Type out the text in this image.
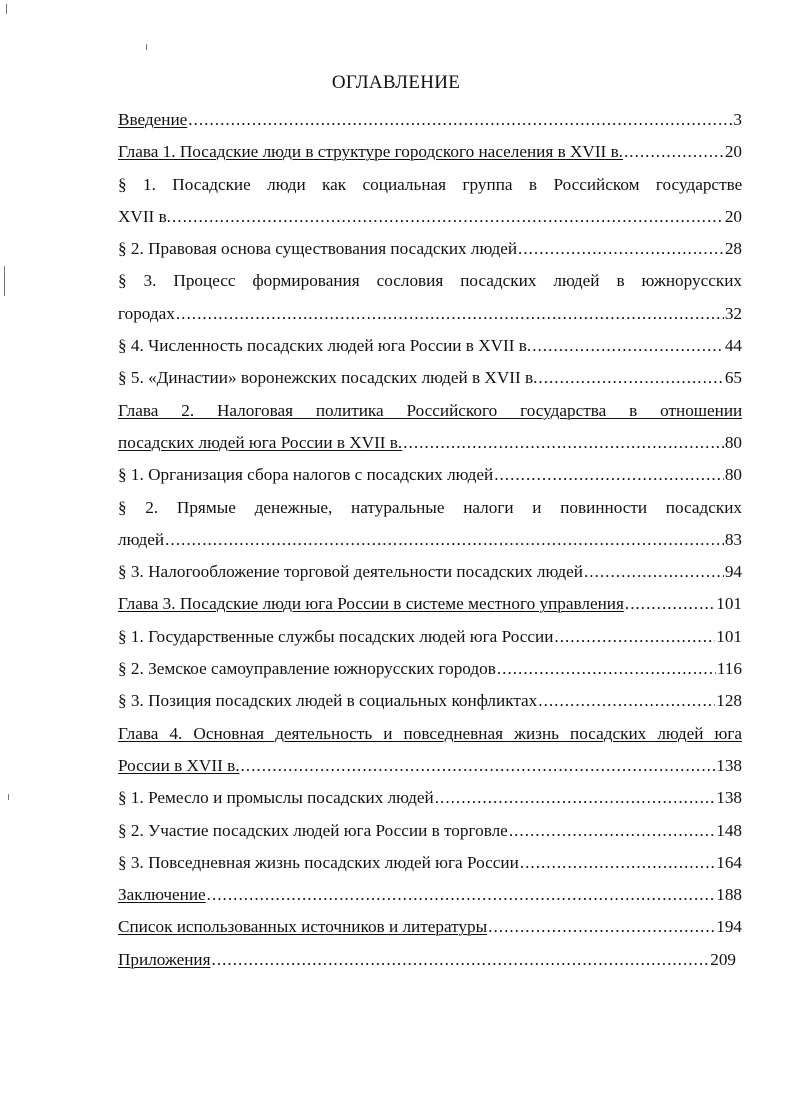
ОГЛАВЛЕНИЕ
Введение .....	3
Глава 1. Посадские люди в структуре городского населения в XVII в. .....	20
§ 1. Посадские люди как социальная группа в Российском государстве
XVII в. .....	20
§ 2. Правовая основа существования посадских людей .....	28
§ 3. Процесс формирования сословия посадских людей в южнорусских
городах .....	32
§ 4. Численность посадских людей юга России в XVII в. .....	44
§ 5. «Династии» воронежских посадских людей в XVII в. .....	65
Глава 2. Налоговая политика Российского государства в отношении
посадских людей юга России в XVII в. .....	80
§ 1. Организация сбора налогов с посадских людей .....	80
§ 2. Прямые денежные, натуральные налоги и повинности посадских
людей .....	83
§ 3. Налогообложение торговой деятельности посадских людей .....	94
Глава 3. Посадские люди юга России в системе местного управления .....	101
§ 1. Государственные службы посадских людей юга России .....	101
§ 2. Земское самоуправление южнорусских городов .....	116
§ 3. Позиция посадских людей в социальных конфликтах .....	128
Глава 4. Основная деятельность и повседневная жизнь посадских людей юга
России в XVII в. .....	138
§ 1. Ремесло и промыслы посадских людей .....	138
§ 2. Участие посадских людей юга России в торговле .....	148
§ 3. Повседневная жизнь посадских людей юга России .....	164
Заключение .....	188
Список использованных источников и литературы .....	194
Приложения .....	209
